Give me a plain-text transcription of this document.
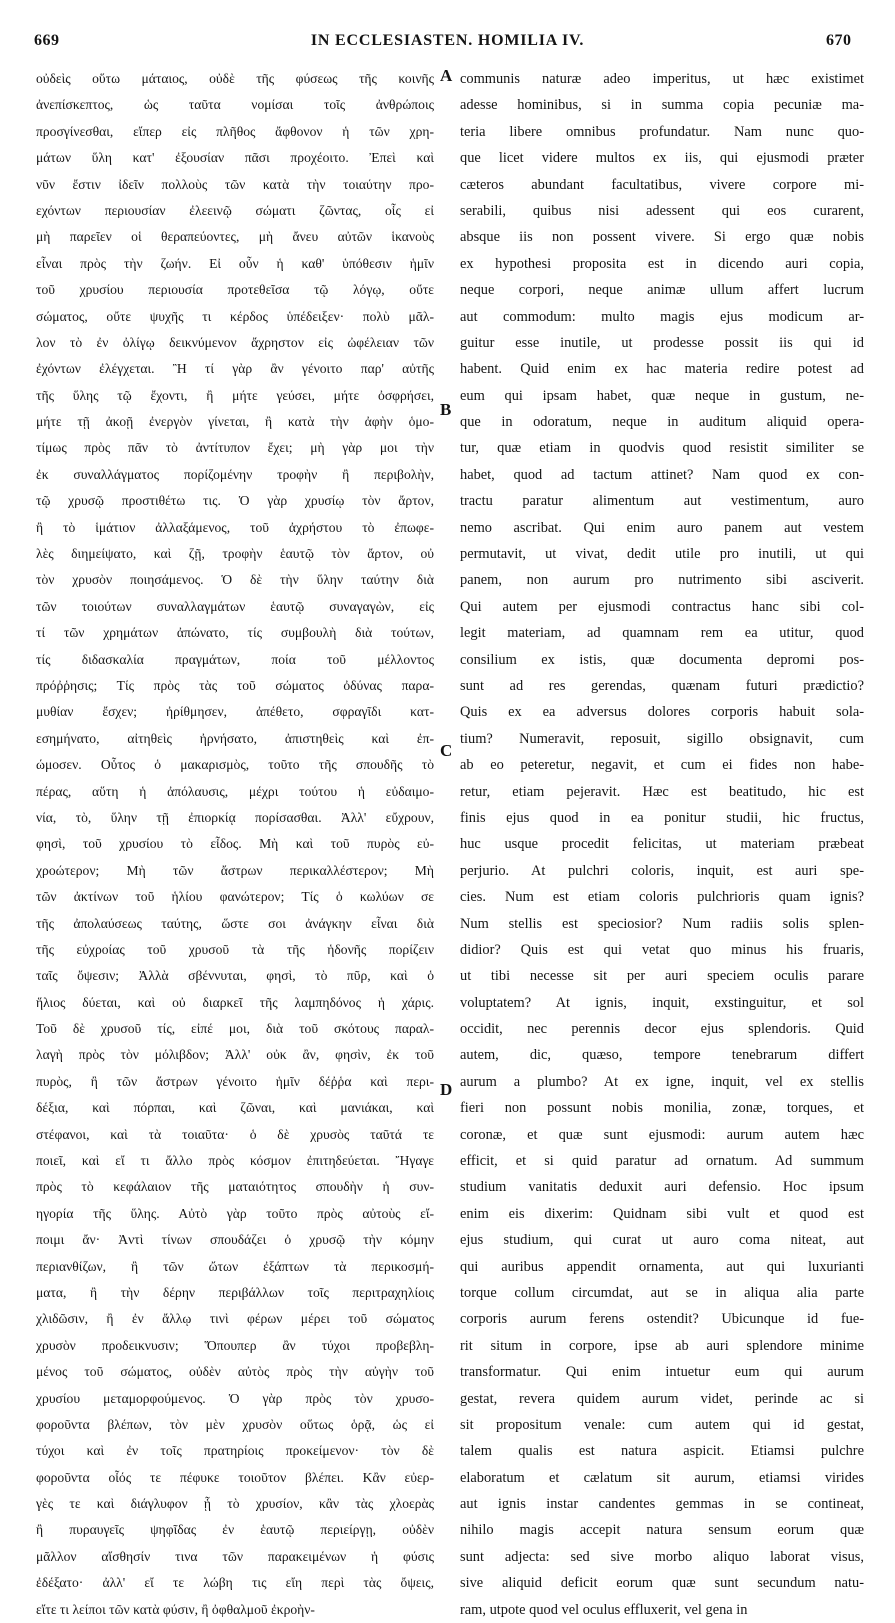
669	IN ECCLESIASTEN. HOMILIA IV.	670
οὐδεὶς οὕτω μάταιος, οὐδὲ τῆς φύσεως τῆς κοινῆς
ἀνεπίσκεπτος, ὡς ταῦτα νομίσαι τοῖς ἀνθρώποις
προσγίνεσθαι, εἴπερ εἰς πλῆθος ἄφθονον ἡ τῶν χρη-
μάτων ὕλη κατ' ἐξουσίαν πᾶσι προχέοιτο. Ἐπεὶ καὶ
νῦν ἔστιν ἰδεῖν πολλοὺς τῶν κατὰ τὴν τοιαύτην προ-
εχόντων περιουσίαν ἐλεεινῷ σώματι ζῶντας, οἷς εἰ
μὴ παρεῖεν οἱ θεραπεύοντες, μὴ ἄνευ αὐτῶν ἱκανοὺς
εἶναι πρὸς τὴν ζωήν. Εἰ οὖν ἡ καθ' ὑπόθεσιν ἡμῖν
τοῦ χρυσίου περιουσία προτεθεῖσα τῷ λόγῳ, οὔτε
σώματος, οὔτε ψυχῆς τι κέρδος ὑπέδειξεν· πολὺ μᾶλ-
λον τὸ ἐν ὀλίγῳ δεικνύμενον ἄχρηστον εἰς ὠφέλειαν τῶν
ἐχόντων ἐλέγχεται. Ἢ τί γὰρ ἂν γένοιτο παρ' αὐτῆς
τῆς ὕλης τῷ ἔχοντι, ἢ μήτε γεύσει, μήτε ὀσφρήσει,
μήτε τῇ ἀκοῇ ἐνεργὸν γίνεται, ἢ κατὰ τὴν ἀφὴν ὁμο-
τίμως πρὸς πᾶν τὸ ἀντίτυπον ἔχει; μὴ γὰρ μοι τὴν
ἐκ συναλλάγματος πορίζομένην τροφὴν ἢ περιβολὴν,
τῷ χρυσῷ προστιθέτω τις. Ὁ γὰρ χρυσίῳ τὸν ἄρτον,
ἢ τὸ ἱμάτιον ἀλλαξάμενος, τοῦ ἀχρήστου τὸ ἐπωφε-
λὲς διημείψατο, καὶ ζῇ, τροφὴν ἑαυτῷ τὸν ἄρτον, οὐ
τὸν χρυσὸν ποιησάμενος. Ὁ δὲ τὴν ὕλην ταύτην διὰ
τῶν τοιούτων συναλλαγμάτων ἑαυτῷ συναγαγὼν, εἰς
τί τῶν χρημάτων ἀπώνατο, τίς συμβουλὴ διὰ τούτων,
τίς διδασκαλία πραγμάτων, ποία τοῦ μέλλοντος
πρόῤῥησις; Τίς πρὸς τὰς τοῦ σώματος ὀδύνας παρα-
μυθίαν ἔσχεν; ἠρίθμησεν, ἀπέθετο, σφραγῖδι κατ-
εσημήνατο, αἰτηθεὶς ἠρνήσατο, ἀπιστηθεὶς καὶ ἐπ-
ώμοσεν. Οὗτος ὁ μακαρισμὸς, τοῦτο τῆς σπουδῆς τὸ
πέρας, αὕτη ἡ ἀπόλαυσις, μέχρι τούτου ἡ εὐδαιμο-
νία, τὸ, ὕλην τῇ ἐπιορκίᾳ πορίσασθαι. Ἀλλ' εὔχρουν,
φησὶ, τοῦ χρυσίου τὸ εἶδος. Μὴ καὶ τοῦ πυρὸς εὐ-
χροώτερον; Μὴ τῶν ἄστρων περικαλλέστερον; Μὴ
τῶν ἀκτίνων τοῦ ἡλίου φανώτερον; Τίς ὁ κωλύων σε
τῆς ἀπολαύσεως ταύτης, ὥστε σοι ἀνάγκην εἶναι διὰ
τῆς εὐχροίας τοῦ χρυσοῦ τὰ τῆς ἡδονῆς πορίζειν
ταῖς ὄψεσιν; Ἀλλὰ σβέννυται, φησὶ, τὸ πῦρ, καὶ ὁ
ἥλιος δύεται, καὶ οὐ διαρκεῖ τῆς λαμπηδόνος ἡ χάρις.
Τοῦ δὲ χρυσοῦ τίς, εἰπέ μοι, διὰ τοῦ σκότους παραλ-
λαγὴ πρὸς τὸν μόλιβδον; Ἀλλ' οὐκ ἂν, φησὶν, ἐκ τοῦ
πυρὸς, ἢ τῶν ἄστρων γένοιτο ἡμῖν δέῤῥα καὶ περι-
δέξια, καὶ πόρπαι, καὶ ζῶναι, καὶ μανιάκαι, καὶ
στέφανοι, καὶ τὰ τοιαῦτα· ὁ δὲ χρυσὸς ταῦτά τε
ποιεῖ, καὶ εἴ τι ἄλλο πρὸς κόσμον ἐπιτηδεύεται. Ἤγαγε
πρὸς τὸ κεφάλαιον τῆς ματαιότητος σπουδὴν ἡ συν-
ηγορία τῆς ὕλης. Αὐτὸ γὰρ τοῦτο πρὸς αὐτοὺς εἴ-
ποιμι ἄν· Ἀντὶ τίνων σπουδάζει ὁ χρυσῷ τὴν κόμην
περιανθίζων, ἢ τῶν ὤτων ἐξάπτων τὰ περικοσμή-
ματα, ἢ τὴν δέρην περιβάλλων τοῖς περιτραχηλίοις
χλιδῶσιν, ἢ ἐν ἄλλῳ τινὶ φέρων μέρει τοῦ σώματος
χρυσὸν προδεικνυσιν; Ὅπουπερ ἂν τύχοι προβεβλη-
μένος τοῦ σώματος, οὐδὲν αὐτὸς πρὸς τὴν αὐγὴν τοῦ
χρυσίου μεταμορφούμενος. Ὁ γὰρ πρὸς τὸν χρυσο-
φοροῦντα βλέπων, τὸν μὲν χρυσὸν οὕτως ὁρᾷ, ὡς εἰ
τύχοι καὶ ἐν τοῖς πρατηρίοις προκείμενον· τὸν δὲ
φοροῦντα οἷός τε πέφυκε τοιοῦτον βλέπει. Κἂν εὐερ-
γὲς τε καὶ διάγλυφον ᾖ τὸ χρυσίον, κἂν τὰς χλοερὰς
ἢ πυραυγεῖς ψηφῖδας ἐν ἑαυτῷ περιείργῃ, οὐδὲν
μᾶλλον αἴσθησίν τινα τῶν παρακειμένων ἡ φύσις
ἐδέξατο· ἀλλ' εἴ τε λώβη τις εἴη περὶ τὰς ὄψεις,
εἴτε τι λείποι τῶν κατὰ φύσιν, ἢ ὀφθαλμοῦ ἐκροὴν-
communis naturæ adeo imperitus, ut hæc existimet
adesse hominibus, si in summa copia pecuniæ ma-
teria libere omnibus profundatur. Nam nunc quo-
que licet videre multos ex iis, qui ejusmodi præter
cæteros abundant facultatibus, vivere corpore mi-
serabili, quibus nisi adessent qui eos curarent,
absque iis non possent vivere. Si ergo quæ nobis
ex hypothesi proposita est in dicendo auri copia,
neque corpori, neque animæ ullum affert lucrum
aut commodum: multo magis ejus modicum ar-
guitur esse inutile, ut prodesse possit iis qui id
habent. Quid enim ex hac materia redire potest ad
eum qui ipsam habet, quæ neque in gustum, ne-
que in odoratum, neque in auditum aliquid opera-
tur, quæ etiam in quodvis quod resistit similiter se
habet, quod ad tactum attinet? Nam quod ex con-
tractu paratur alimentum aut vestimentum, auro
nemo ascribat. Qui enim auro panem aut vestem
permutavit, ut vivat, dedit utile pro inutili, ut qui
panem, non aurum pro nutrimento sibi asciverit.
Qui autem per ejusmodi contractus hanc sibi col-
legit materiam, ad quamnam rem ea utitur, quod
consilium ex istis, quæ documenta depromi pos-
sunt ad res gerendas, quænam futuri prædictio?
Quis ex ea adversus dolores corporis habuit sola-
tium? Numeravit, reposuit, sigillo obsignavit, cum
ab eo peteretur, negavit, et cum ei fides non habe-
retur, etiam pejeravit. Hæc est beatitudo, hic est
finis ejus quod in ea ponitur studii, hic fructus,
huc usque procedit felicitas, ut materiam præbeat
perjurio. At pulchri coloris, inquit, est auri spe-
cies. Num est etiam coloris pulchrioris quam ignis?
Num stellis est speciosior? Num radiis solis splen-
didior? Quis est qui vetat quo minus his fruaris,
ut tibi necesse sit per auri speciem oculis parare
voluptatem? At ignis, inquit, exstinguitur, et sol
occidit, nec perennis decor ejus splendoris. Quid
autem, dic, quæso, tempore tenebrarum differt
aurum a plumbo? At ex igne, inquit, vel ex stellis
fieri non possunt nobis monilia, zonæ, torques, et
coronæ, et quæ sunt ejusmodi: aurum autem hæc
efficit, et si quid paratur ad ornatum. Ad summum
studium vanitatis deduxit auri defensio. Hoc ipsum
enim eis dixerim: Quidnam sibi vult et quod est
ejus studium, qui curat ut auro coma niteat, aut
qui auribus appendit ornamenta, aut qui luxurianti
torque collum circumdat, aut se in aliqua alia parte
corporis aurum ferens ostendit? Ubicunque id fue-
rit situm in corpore, ipse ab auri splendore minime
transformatur. Qui enim intuetur eum qui aurum
gestat, revera quidem aurum videt, perinde ac si
sit propositum venale: cum autem qui id gestat,
talem qualis est natura aspicit. Etiamsi pulchre
elaboratum et cælatum sit aurum, etiamsi virides
aut ignis instar candentes gemmas in se contineat,
nihilo magis accepit natura sensum eorum quæ
sunt adjecta: sed sive morbo aliquo laborat visus,
sive aliquid deficit eorum quæ sunt secundum natu-
ram, utpote quod vel oculus effluxerit, vel gena in
A
B
C
D
